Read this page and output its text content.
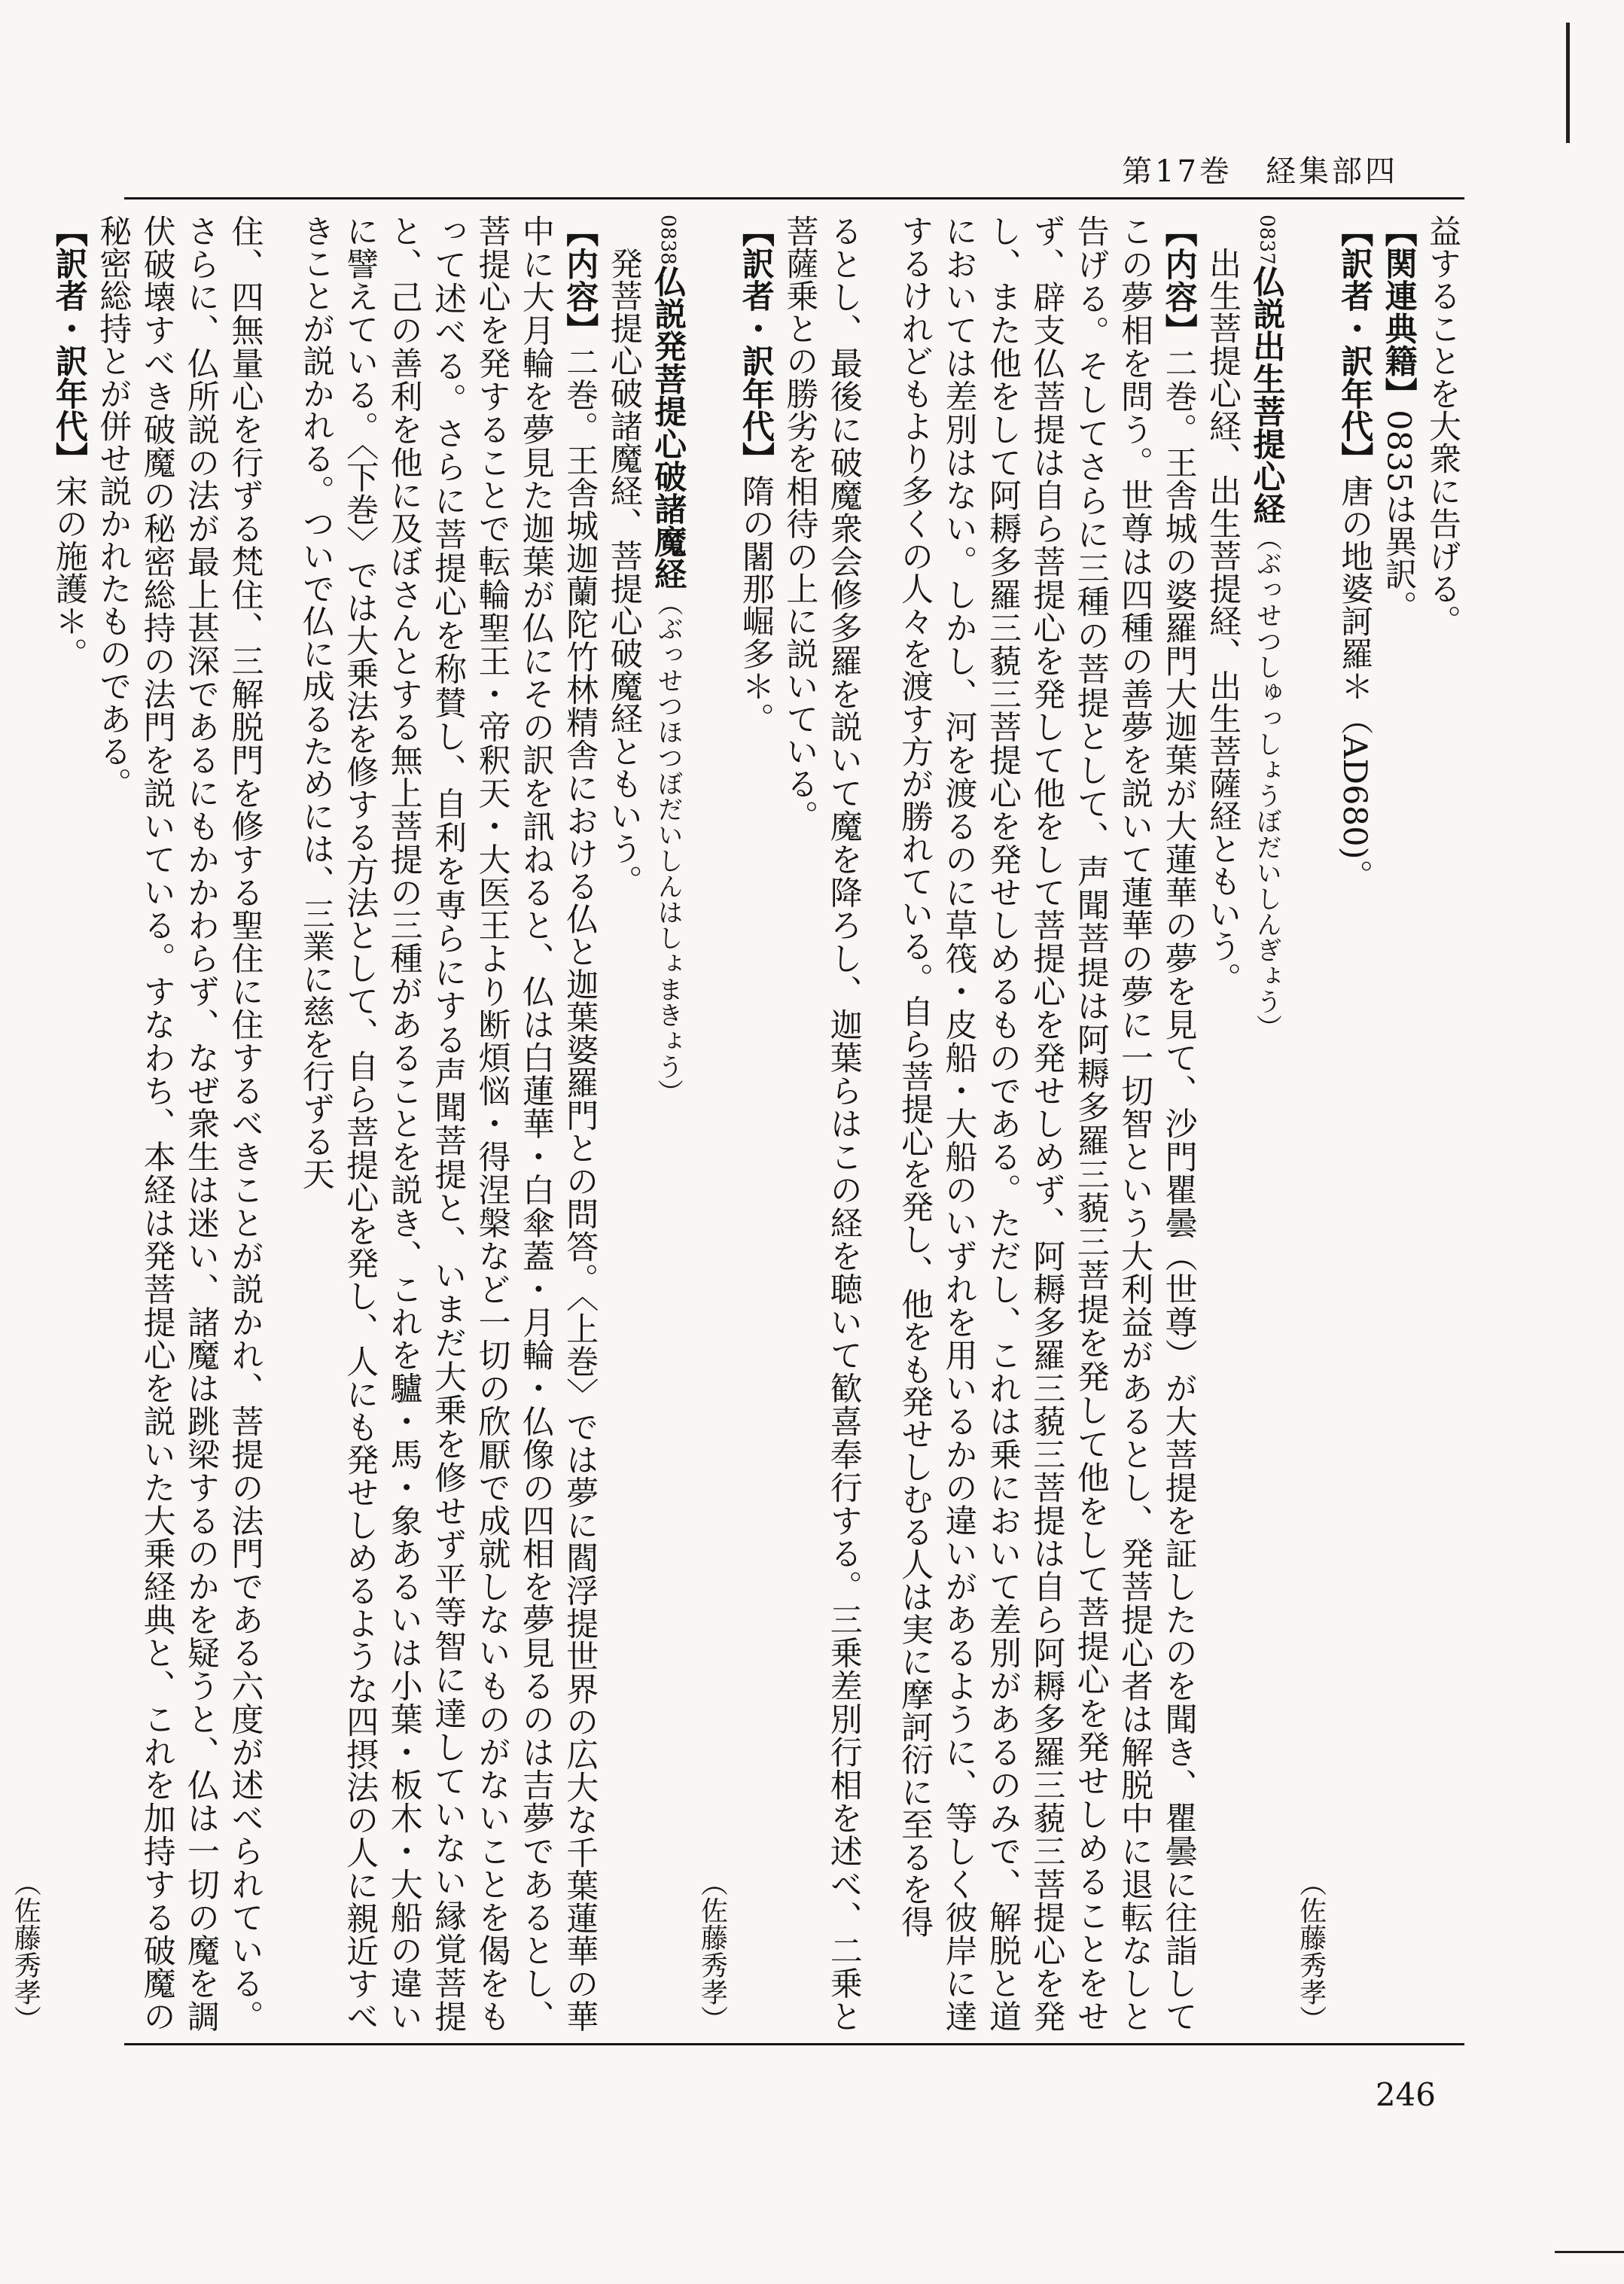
第17巻　経集部四

益することを大衆に告げる。

【関連典籍】0835は異訳。

【訳者・訳年代】唐の地婆訶羅＊（AD680)。

（佐藤秀孝）

0837仏説出生菩提心経（ぶっせつしゅっしょうぼだいしんぎょう）

出生菩提心経、出生菩提経、出生菩薩経ともいう。

【内容】二巻。王舎城の婆羅門大迦葉が大蓮華の夢を見て、沙門瞿曇（世尊）が大菩提を証したのを聞き、瞿曇に往詣してこの夢相を問う。世尊は四種の善夢を説いて蓮華の夢に一切智という大利益があるとし、発菩提心者は解脱中に退転なしと告げる。そしてさらに三種の菩提として、声聞菩提は阿耨多羅三藐三菩提を発して他をして菩提心を発せしめることをせず、辟支仏菩提は自ら菩提心を発して他をして菩提心を発せしめず、阿耨多羅三藐三菩提は自ら阿耨多羅三藐三菩提心を発し、また他をして阿耨多羅三藐三菩提心を発せしめるものである。ただし、これは乗において差別があるのみで、解脱と道においては差別はない。しかし、河を渡るのに草筏・皮船・大船のいずれを用いるかの違いがあるように、等しく彼岸に達するけれどもより多くの人々を渡す方が勝れている。自ら菩提心を発し、他をも発せしむる人は実に摩訶衍に至るを得

るとし、最後に破魔衆会修多羅を説いて魔を降ろし、迦葉らはこの経を聴いて歓喜奉行する。三乗差別行相を述べ、二乗と菩薩乗との勝劣を相待の上に説いている。

【訳者・訳年代】隋の闍那崛多＊。

（佐藤秀孝）

0838仏説発菩提心破諸魔経（ぶっせつほつぼだいしんはしょまきょう）

発菩提心破諸魔経、菩提心破魔経ともいう。

【内容】二巻。王舎城迦蘭陀竹林精舎における仏と迦葉婆羅門との問答。〈上巻〉では夢に閻浮提世界の広大な千葉蓮華の華中に大月輪を夢見た迦葉が仏にその訳を訊ねると、仏は白蓮華・白傘蓋・月輪・仏像の四相を夢見るのは吉夢であるとし、菩提心を発することで転輪聖王・帝釈天・大医王より断煩悩・得涅槃など一切の欣厭で成就しないものがないことを偈をもって述べる。さらに菩提心を称賛し、自利を専らにする声聞菩提と、いまだ大乗を修せず平等智に達していない縁覚菩提と、己の善利を他に及ぼさんとする無上菩提の三種があることを説き、これを驢・馬・象あるいは小葉・板木・大船の違いに譬えている。〈下巻〉では大乗法を修する方法として、自ら菩提心を発し、人にも発せしめるような四摂法の人に親近すべきことが説かれる。ついで仏に成るためには、三業に慈を行ずる天

住、四無量心を行ずる梵住、三解脱門を修する聖住に住するべきことが説かれ、菩提の法門である六度が述べられている。さらに、仏所説の法が最上甚深であるにもかかわらず、なぜ衆生は迷い、諸魔は跳梁するのかを疑うと、仏は一切の魔を調伏破壊すべき破魔の秘密総持の法門を説いている。すなわち、本経は発菩提心を説いた大乗経典と、これを加持する破魔の秘密総持とが併せ説かれたものである。

【訳者・訳年代】宋の施護＊。

（佐藤秀孝）

246
